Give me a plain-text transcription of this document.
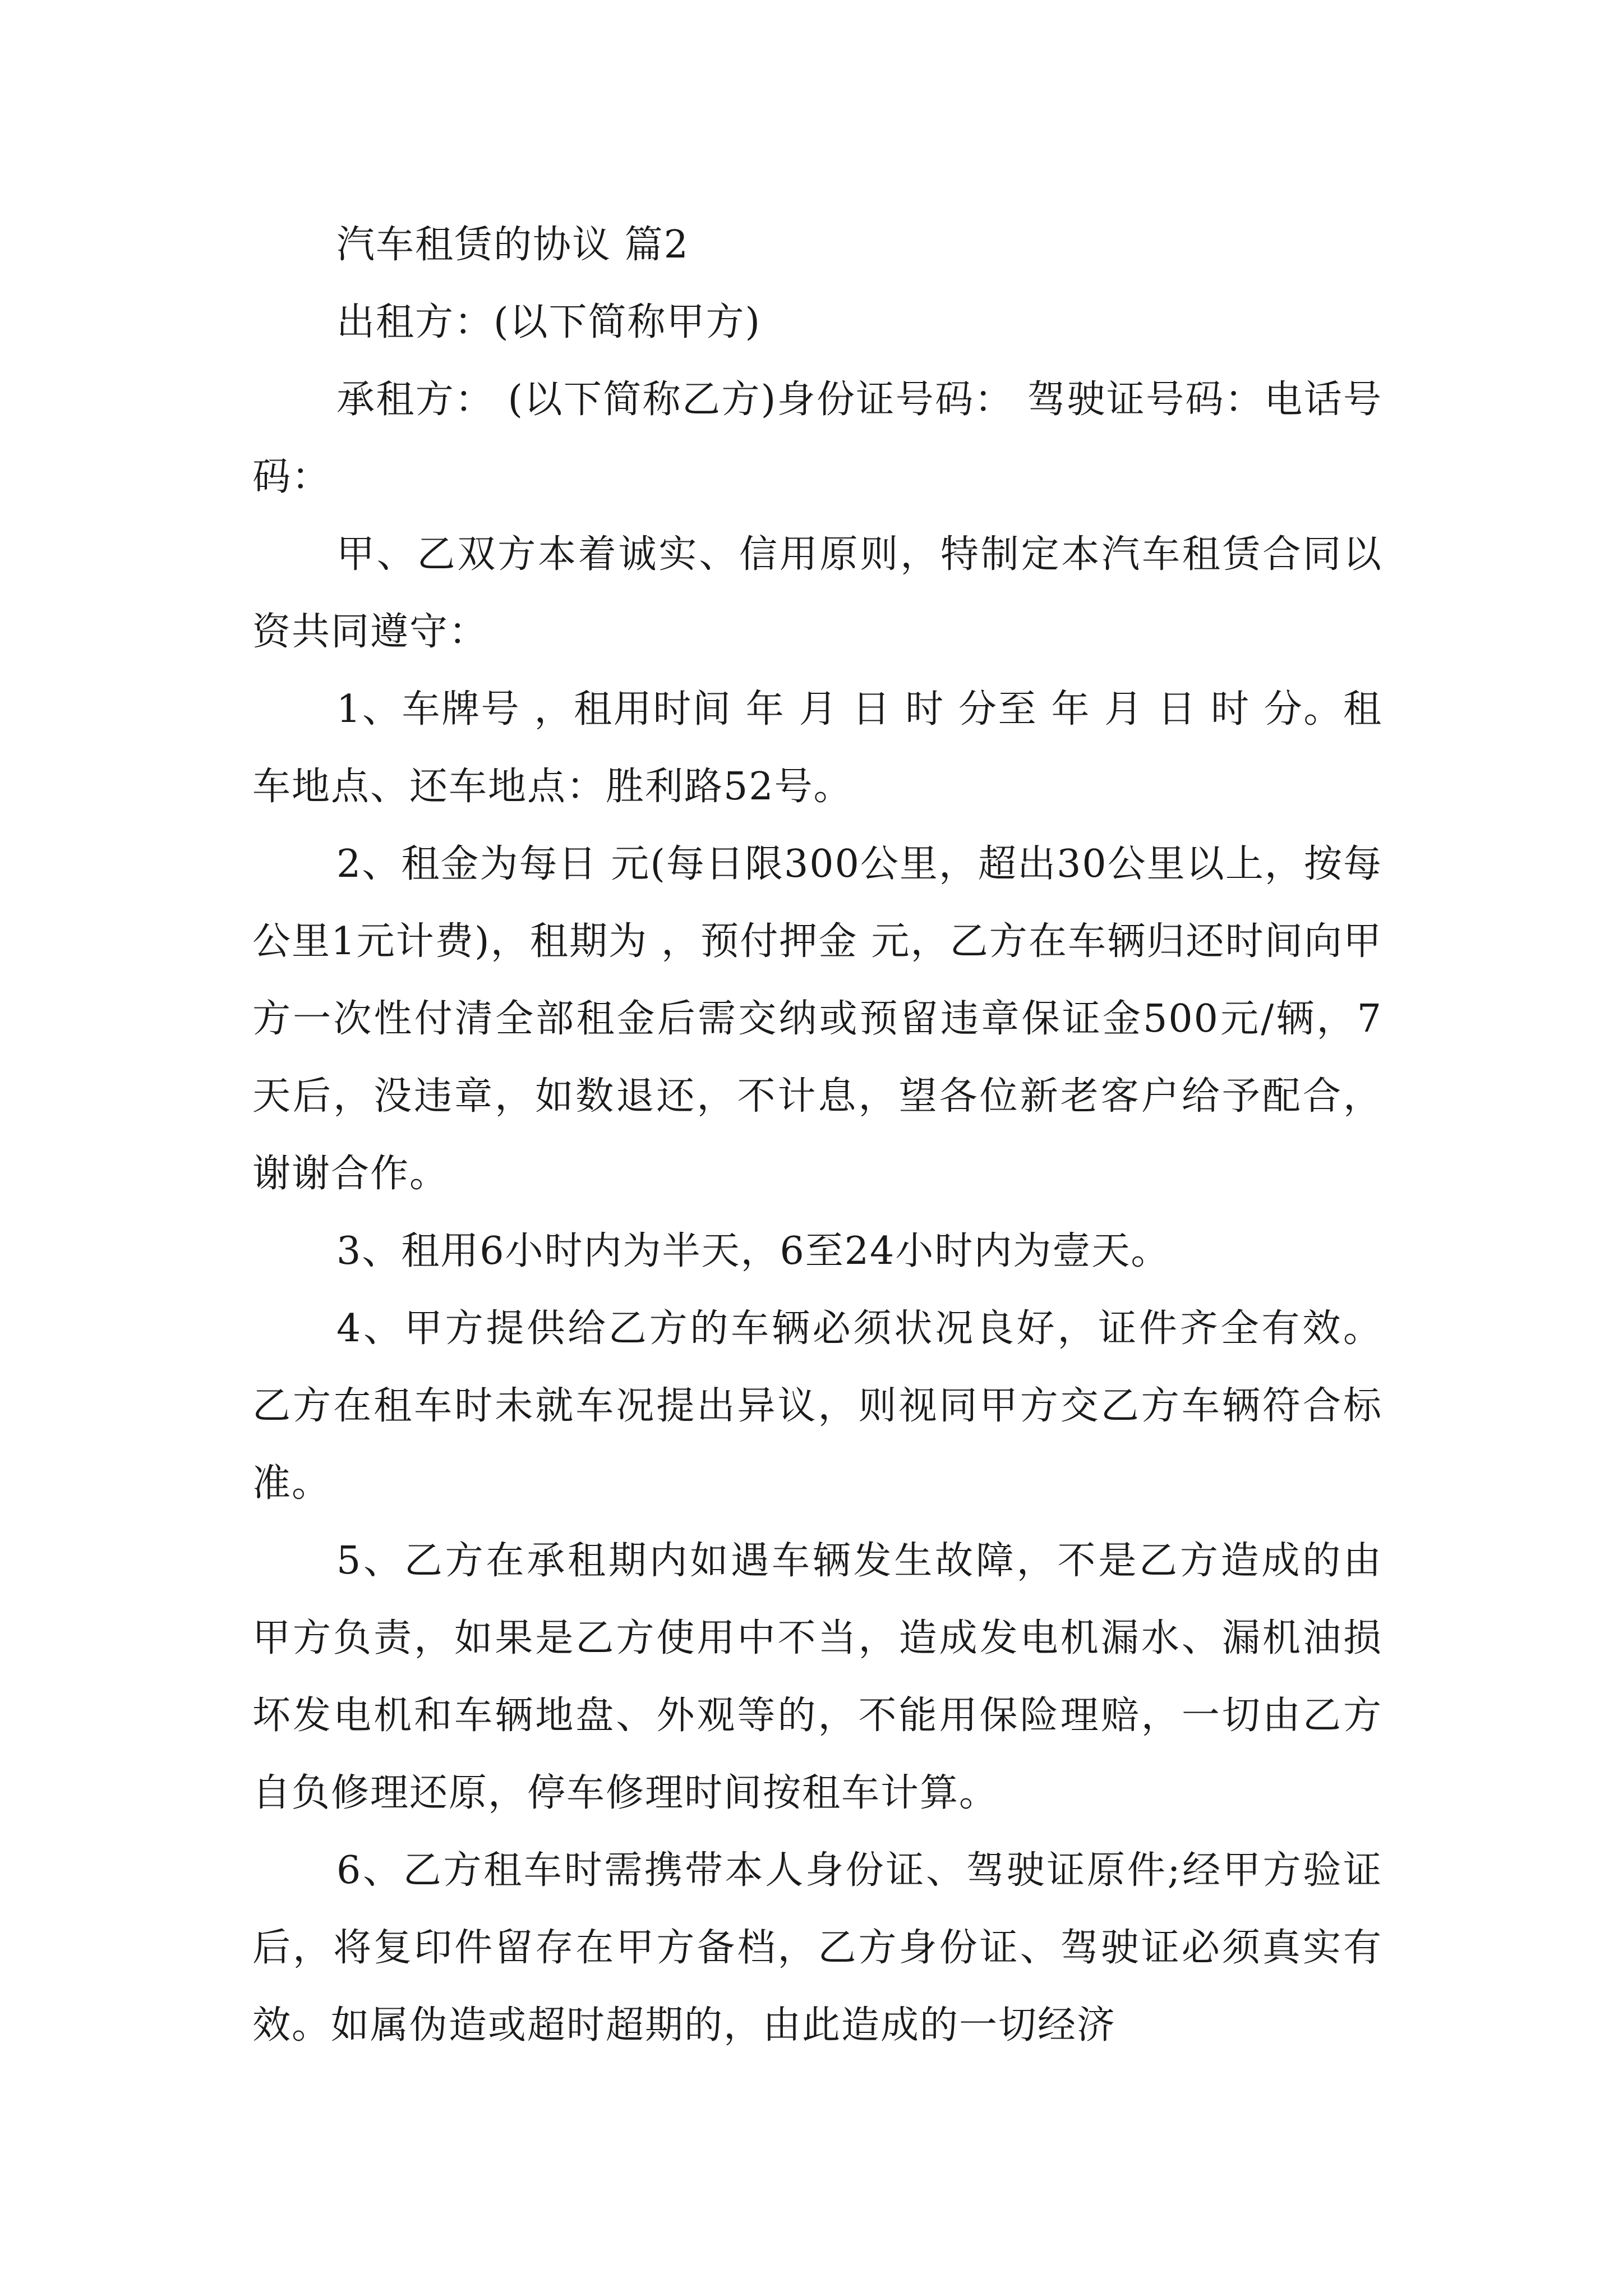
汽车租赁的协议 篇2

出租方：(以下简称甲方)

承租方： (以下简称乙方)身份证号码： 驾驶证号码：电话号码：

甲、乙双方本着诚实、信用原则，特制定本汽车租赁合同以资共同遵守：

1、车牌号 ，租用时间 年 月 日 时 分至 年 月 日 时 分。租车地点、还车地点：胜利路52号。

2、租金为每日 元(每日限300公里，超出30公里以上，按每公里1元计费)，租期为 ，预付押金 元，乙方在车辆归还时间向甲方一次性付清全部租金后需交纳或预留违章保证金500元/辆，7天后，没违章，如数退还，不计息，望各位新老客户给予配合，谢谢合作。

3、租用6小时内为半天，6至24小时内为壹天。

4、甲方提供给乙方的车辆必须状况良好，证件齐全有效。乙方在租车时未就车况提出异议，则视同甲方交乙方车辆符合标准。

5、乙方在承租期内如遇车辆发生故障，不是乙方造成的由甲方负责，如果是乙方使用中不当，造成发电机漏水、漏机油损坏发电机和车辆地盘、外观等的，不能用保险理赔，一切由乙方自负修理还原，停车修理时间按租车计算。

6、乙方租车时需携带本人身份证、驾驶证原件;经甲方验证后，将复印件留存在甲方备档，乙方身份证、驾驶证必须真实有效。如属伪造或超时超期的，由此造成的一切经济
